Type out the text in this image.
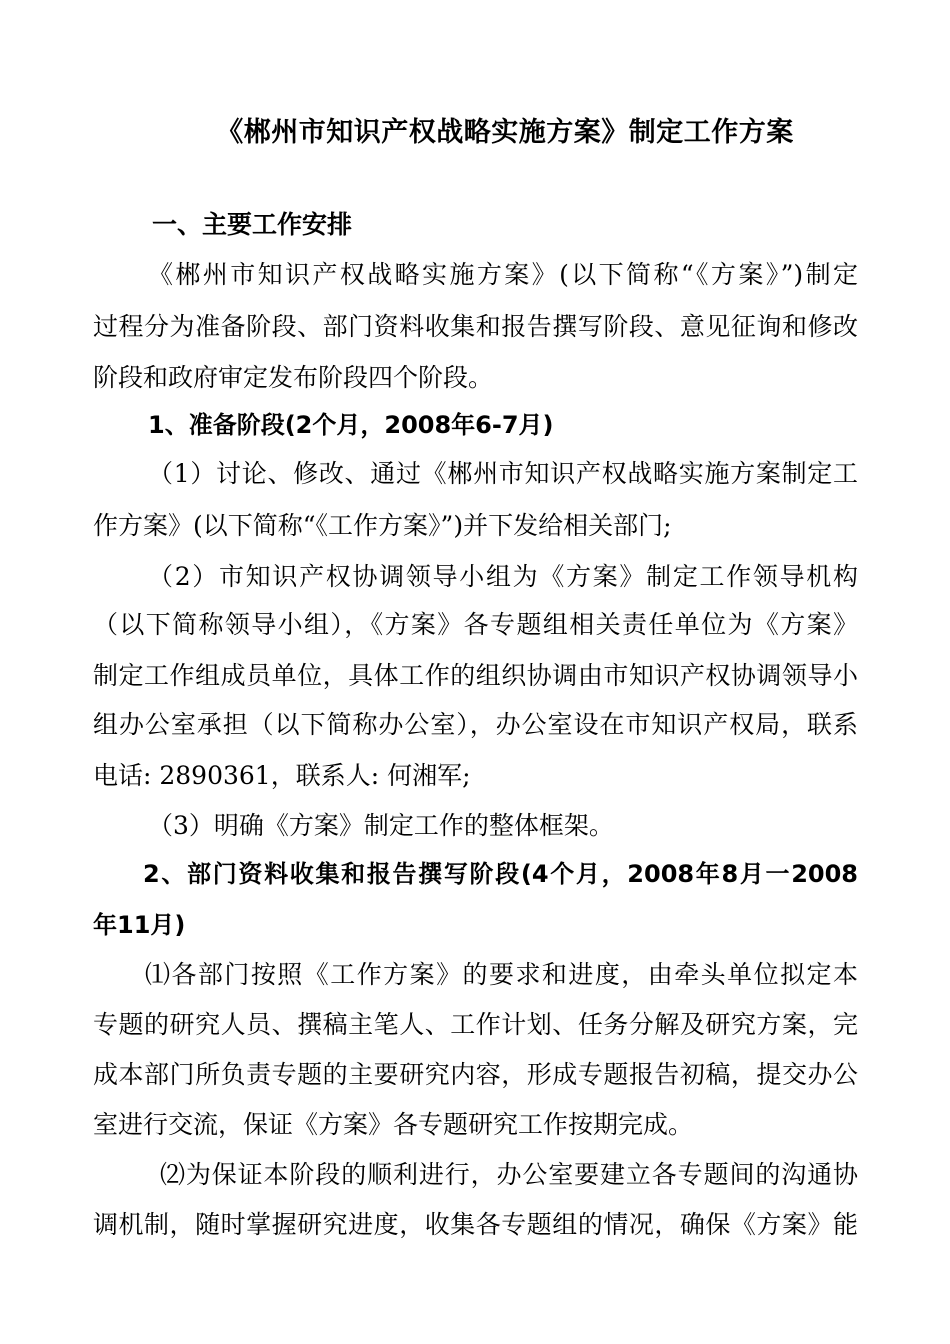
《郴州市知识产权战略实施方案》制定工作方案
一、主要工作安排
《郴州市知识产权战略实施方案》(以下简称“《方案》”)制定
过程分为准备阶段、部门资料收集和报告撰写阶段、意见征询和修改
阶段和政府审定发布阶段四个阶段。
1、准备阶段(2个月，2008年6-7月)
（1）讨论、修改、通过《郴州市知识产权战略实施方案制定工
作方案》(以下简称“《工作方案》”)并下发给相关部门;
（2）市知识产权协调领导小组为《方案》制定工作领导机构
（以下简称领导小组），《方案》各专题组相关责任单位为《方案》
制定工作组成员单位，具体工作的组织协调由市知识产权协调领导小
组办公室承担（以下简称办公室），办公室设在市知识产权局，联系
电话: 2890361，联系人: 何湘军;
（3）明确《方案》制定工作的整体框架。
2、部门资料收集和报告撰写阶段(4个月，2008年8月一2008
年11月)
⑴各部门按照《工作方案》的要求和进度，由牵头单位拟定本
专题的研究人员、撰稿主笔人、工作计划、任务分解及研究方案，完
成本部门所负责专题的主要研究内容，形成专题报告初稿，提交办公
室进行交流，保证《方案》各专题研究工作按期完成。
⑵为保证本阶段的顺利进行，办公室要建立各专题间的沟通协
调机制，随时掌握研究进度，收集各专题组的情况，确保《方案》能
